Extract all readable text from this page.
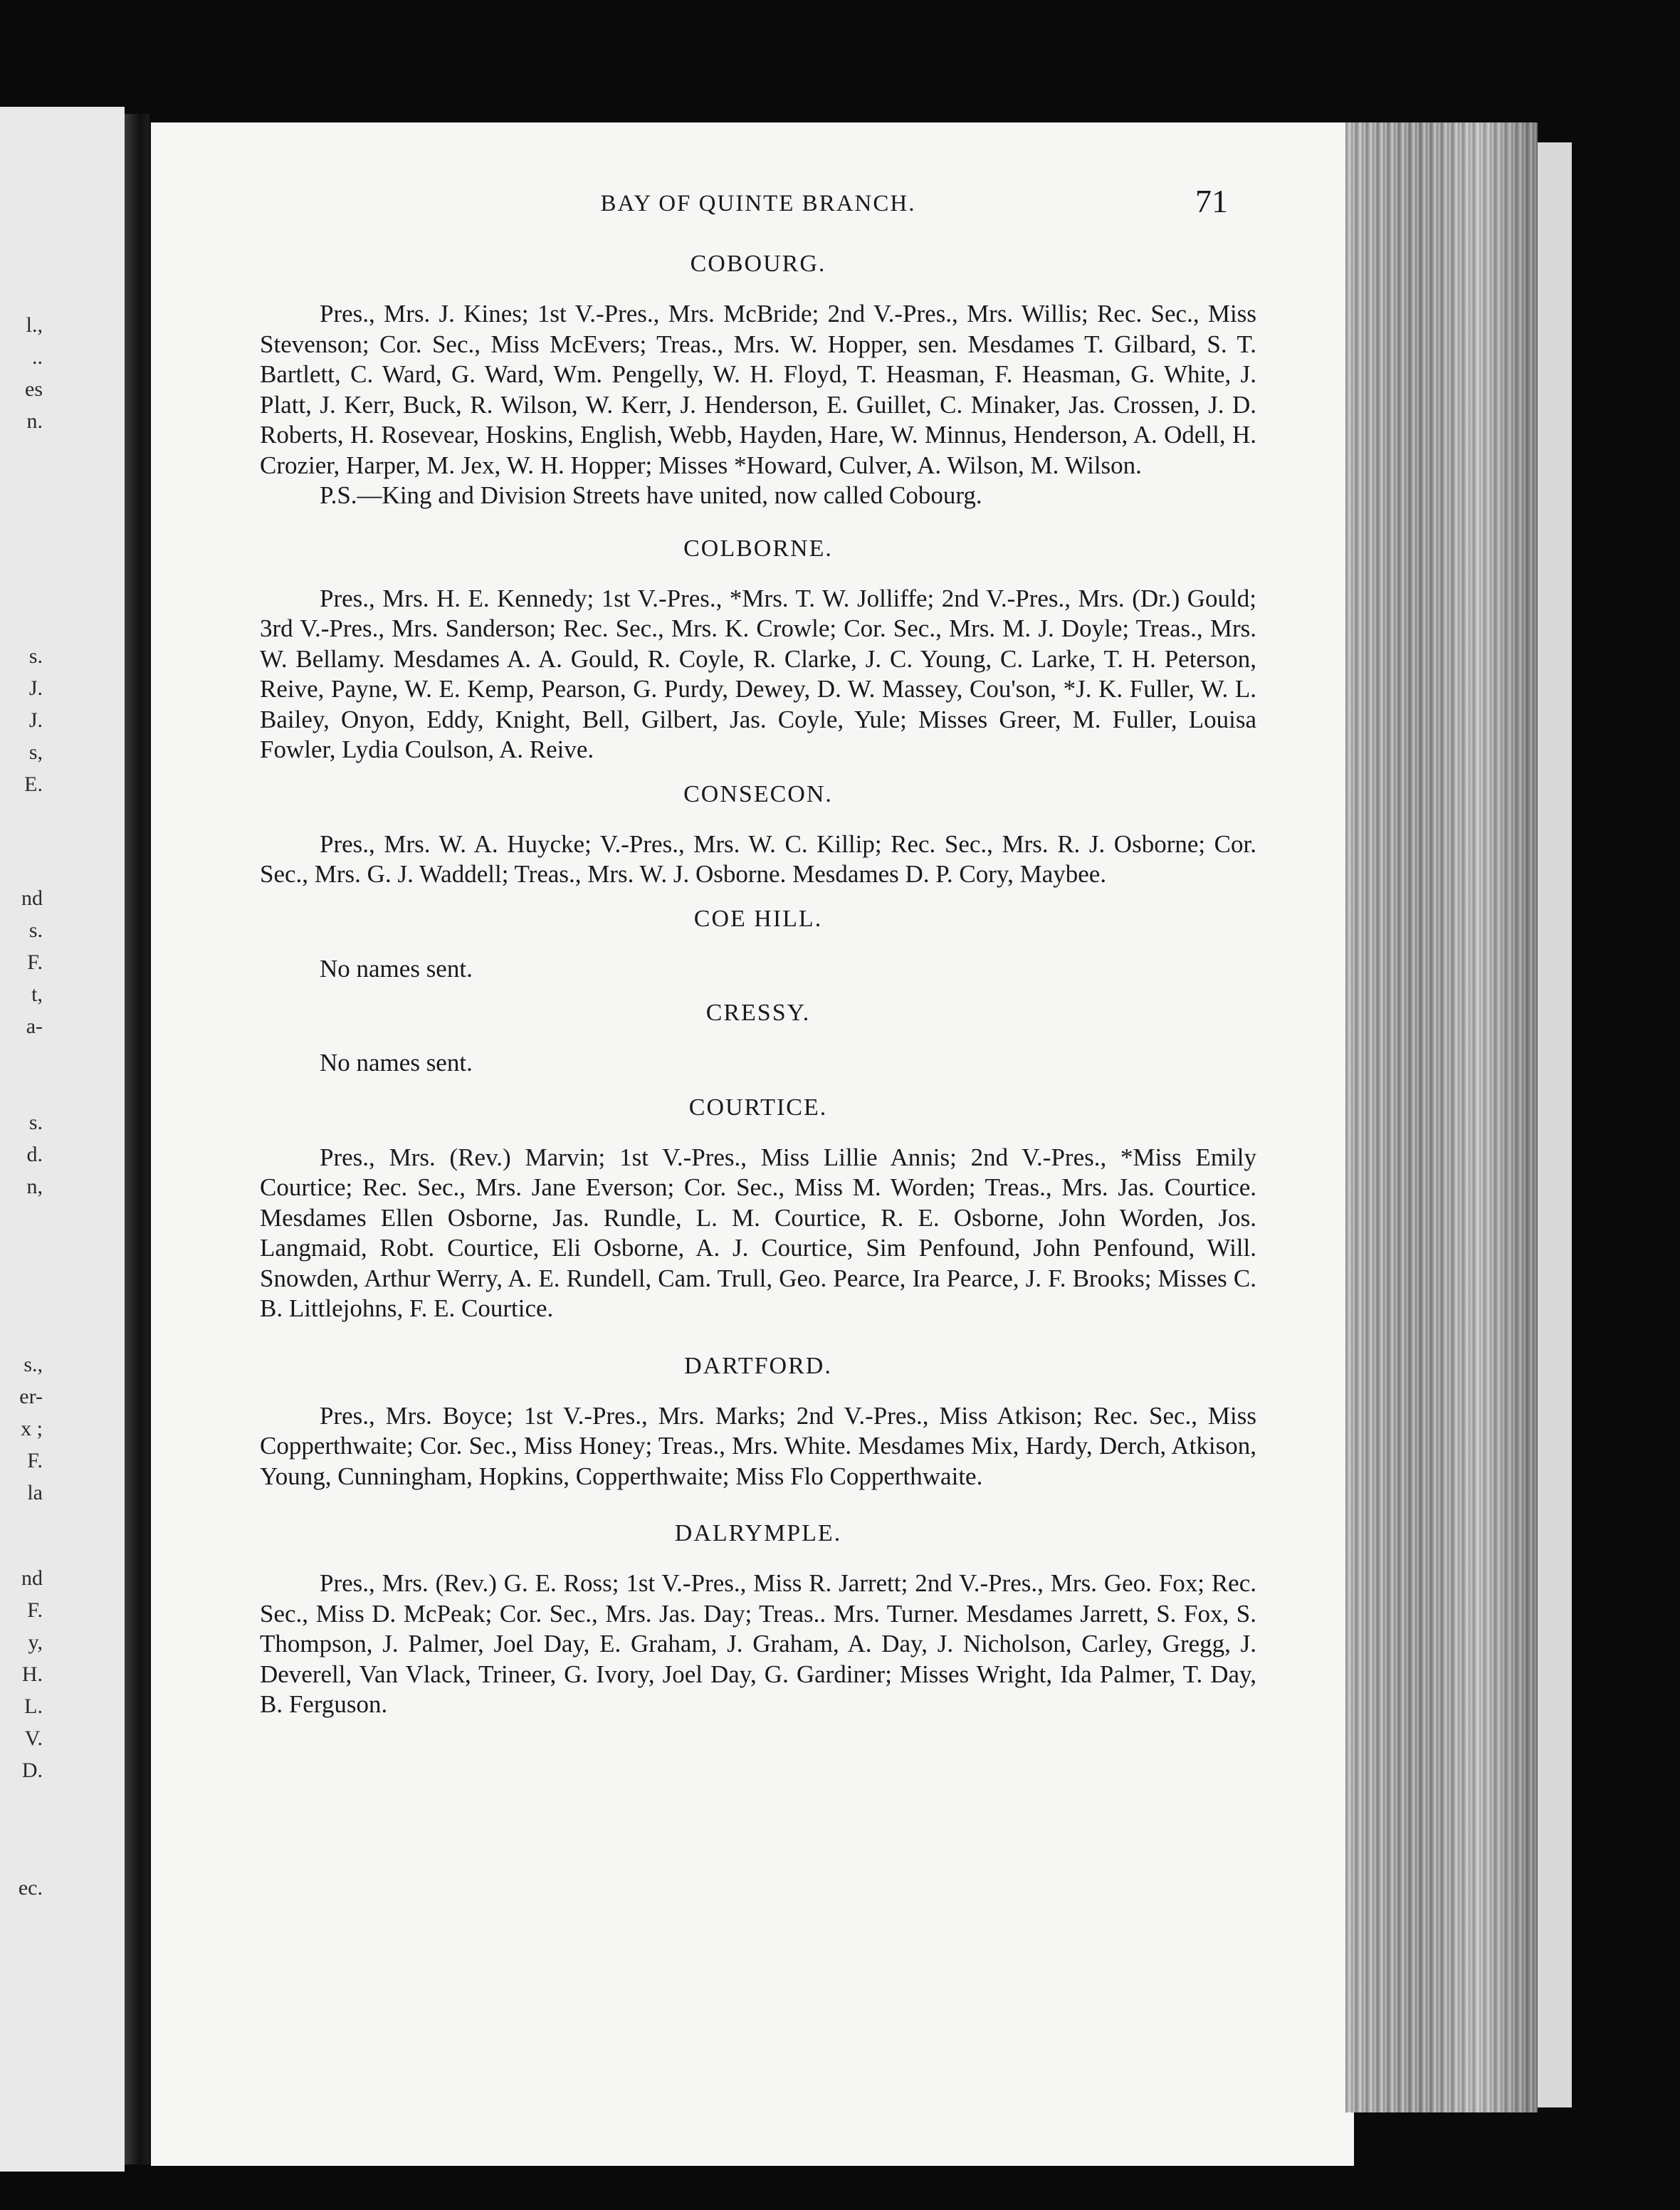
l.,
..
es
n.
s.
J.
J.
s,
E.
nd
s.
F.
t,
a-
s.
d.
n,
s.,
er-
x ;
F.
la
nd
F.
y,
H.
L.
V.
D.
ec.
BAY OF QUINTE BRANCH.	71
COBOURG.

Pres., Mrs. J. Kines; 1st V.-Pres., Mrs. McBride; 2nd V.-Pres., Mrs. Willis; Rec. Sec., Miss Stevenson; Cor. Sec., Miss McEvers; Treas., Mrs. W. Hopper, sen. Mesdames T. Gilbard, S. T. Bartlett, C. Ward, G. Ward, Wm. Pengelly, W. H. Floyd, T. Heasman, F. Heasman, G. White, J. Platt, J. Kerr, Buck, R. Wilson, W. Kerr, J. Henderson, E. Guillet, C. Minaker, Jas. Crossen, J. D. Roberts, H. Rosevear, Hoskins, English, Webb, Hayden, Hare, W. Minnus, Henderson, A. Odell, H. Crozier, Harper, M. Jex, W. H. Hopper; Misses *Howard, Culver, A. Wilson, M. Wilson.

P.S.—King and Division Streets have united, now called Cobourg.

COLBORNE.

Pres., Mrs. H. E. Kennedy; 1st V.-Pres., *Mrs. T. W. Jolliffe; 2nd V.-Pres., Mrs. (Dr.) Gould; 3rd V.-Pres., Mrs. Sanderson; Rec. Sec., Mrs. K. Crowle; Cor. Sec., Mrs. M. J. Doyle; Treas., Mrs. W. Bellamy. Mesdames A. A. Gould, R. Coyle, R. Clarke, J. C. Young, C. Larke, T. H. Peterson, Reive, Payne, W. E. Kemp, Pearson, G. Purdy, Dewey, D. W. Massey, Cou'son, *J. K. Fuller, W. L. Bailey, Onyon, Eddy, Knight, Bell, Gilbert, Jas. Coyle, Yule; Misses Greer, M. Fuller, Louisa Fowler, Lydia Coulson, A. Reive.

CONSECON.

Pres., Mrs. W. A. Huycke; V.-Pres., Mrs. W. C. Killip; Rec. Sec., Mrs. R. J. Osborne; Cor. Sec., Mrs. G. J. Waddell; Treas., Mrs. W. J. Osborne. Mesdames D. P. Cory, Maybee.

COE HILL.

No names sent.

CRESSY.

No names sent.

COURTICE.

Pres., Mrs. (Rev.) Marvin; 1st V.-Pres., Miss Lillie Annis; 2nd V.-Pres., *Miss Emily Courtice; Rec. Sec., Mrs. Jane Everson; Cor. Sec., Miss M. Worden; Treas., Mrs. Jas. Courtice. Mesdames Ellen Osborne, Jas. Rundle, L. M. Courtice, R. E. Osborne, John Worden, Jos. Langmaid, Robt. Courtice, Eli Osborne, A. J. Courtice, Sim Penfound, John Penfound, Will. Snowden, Arthur Werry, A. E. Rundell, Cam. Trull, Geo. Pearce, Ira Pearce, J. F. Brooks; Misses C. B. Littlejohns, F. E. Courtice.

DARTFORD.

Pres., Mrs. Boyce; 1st V.-Pres., Mrs. Marks; 2nd V.-Pres., Miss Atkison; Rec. Sec., Miss Copperthwaite; Cor. Sec., Miss Honey; Treas., Mrs. White. Mesdames Mix, Hardy, Derch, Atkison, Young, Cunningham, Hopkins, Copperthwaite; Miss Flo Copperthwaite.

DALRYMPLE.

Pres., Mrs. (Rev.) G. E. Ross; 1st V.-Pres., Miss R. Jarrett; 2nd V.-Pres., Mrs. Geo. Fox; Rec. Sec., Miss D. McPeak; Cor. Sec., Mrs. Jas. Day; Treas.. Mrs. Turner. Mesdames Jarrett, S. Fox, S. Thompson, J. Palmer, Joel Day, E. Graham, J. Graham, A. Day, J. Nicholson, Carley, Gregg, J. Deverell, Van Vlack, Trineer, G. Ivory, Joel Day, G. Gardiner; Misses Wright, Ida Palmer, T. Day, B. Ferguson.
